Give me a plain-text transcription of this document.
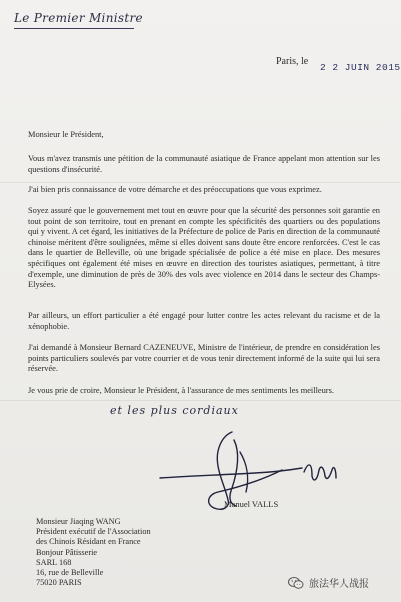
Le Premier Ministre
Paris, le
2 2 JUIN 2015
Monsieur le Président,

Vous m'avez transmis une pétition de la communauté asiatique de France appelant mon attention sur les questions d'insécurité.

J'ai bien pris connaissance de votre démarche et des préoccupations que vous exprimez.

Soyez assuré que le gouvernement met tout en œuvre pour que la sécurité des personnes soit garantie en tout point de son territoire, tout en prenant en compte les spécificités des quartiers ou des populations qui y vivent. A cet égard, les initiatives de la Préfecture de police de Paris en direction de la communauté chinoise méritent d'être soulignées, même si elles doivent sans doute être encore renforcées. C'est le cas dans le quartier de Belleville, où une brigade spécialisée de police a été mise en place. Des mesures spécifiques ont également été mises en œuvre en direction des touristes asiatiques, permettant, à titre d'exemple, une diminution de près de 30% des vols avec violence en 2014 dans le secteur des Champs-Elysées.

Par ailleurs, un effort particulier a été engagé pour lutter contre les actes relevant du racisme et de la xénophobie.

J'ai demandé à Monsieur Bernard CAZENEUVE, Ministre de l'intérieur, de prendre en considération les points particuliers soulevés par votre courrier et de vous tenir directement informé de la suite qui lui sera réservée.

Je vous prie de croire, Monsieur le Président, à l'assurance de mes sentiments les meilleurs.

et les plus cordiaux
Manuel VALLS
Monsieur Jiaqing WANG
Président exécutif de l'Association
des Chinois Résidant en France
Bonjour Pâtisserie
SARL 168
16, rue de Belleville
75020 PARIS	旅法华人战报
